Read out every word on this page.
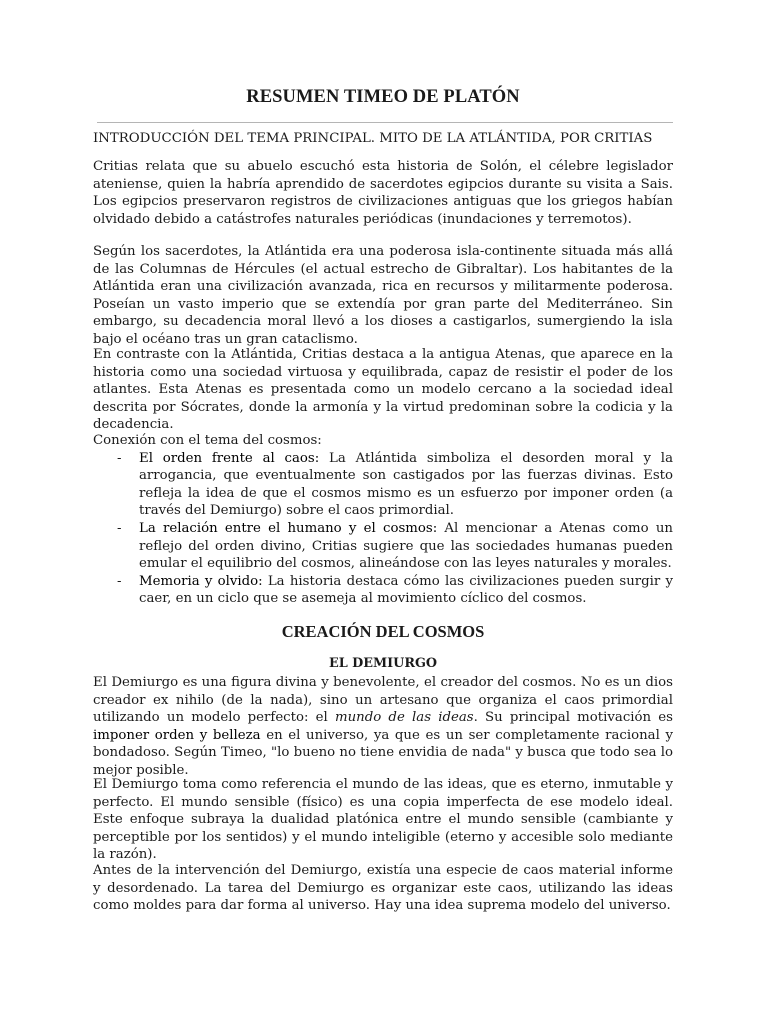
RESUMEN TIMEO DE PLATÓN

INTRODUCCIÓN DEL TEMA PRINCIPAL. MITO DE LA ATLÁNTIDA, POR CRITIAS

Critias relata que su abuelo escuchó esta historia de Solón, el célebre legislador ateniense, quien la habría aprendido de sacerdotes egipcios durante su visita a Sais. Los egipcios preservaron registros de civilizaciones antiguas que los griegos habían olvidado debido a catástrofes naturales periódicas (inundaciones y terremotos).

Según los sacerdotes, la Atlántida era una poderosa isla-continente situada más allá de las Columnas de Hércules (el actual estrecho de Gibraltar). Los habitantes de la Atlántida eran una civilización avanzada, rica en recursos y militarmente poderosa. Poseían un vasto imperio que se extendía por gran parte del Mediterráneo. Sin embargo, su decadencia moral llevó a los dioses a castigarlos, sumergiendo la isla bajo el océano tras un gran cataclismo.

En contraste con la Atlántida, Critias destaca a la antigua Atenas, que aparece en la historia como una sociedad virtuosa y equilibrada, capaz de resistir el poder de los atlantes. Esta Atenas es presentada como un modelo cercano a la sociedad ideal descrita por Sócrates, donde la armonía y la virtud predominan sobre la codicia y la decadencia.

Conexión con el tema del cosmos:
- El orden frente al caos: La Atlántida simboliza el desorden moral y la arrogancia, que eventualmente son castigados por las fuerzas divinas. Esto refleja la idea de que el cosmos mismo es un esfuerzo por imponer orden (a través del Demiurgo) sobre el caos primordial.
- La relación entre el humano y el cosmos: Al mencionar a Atenas como un reflejo del orden divino, Critias sugiere que las sociedades humanas pueden emular el equilibrio del cosmos, alineándose con las leyes naturales y morales.
- Memoria y olvido: La historia destaca cómo las civilizaciones pueden surgir y caer, en un ciclo que se asemeja al movimiento cíclico del cosmos.
CREACIÓN DEL COSMOS
EL DEMIURGO

El Demiurgo es una figura divina y benevolente, el creador del cosmos. No es un dios creador ex nihilo (de la nada), sino un artesano que organiza el caos primordial utilizando un modelo perfecto: el mundo de las ideas. Su principal motivación es imponer orden y belleza en el universo, ya que es un ser completamente racional y bondadoso. Según Timeo, "lo bueno no tiene envidia de nada" y busca que todo sea lo mejor posible.

El Demiurgo toma como referencia el mundo de las ideas, que es eterno, inmutable y perfecto. El mundo sensible (físico) es una copia imperfecta de ese modelo ideal. Este enfoque subraya la dualidad platónica entre el mundo sensible (cambiante y perceptible por los sentidos) y el mundo inteligible (eterno y accesible solo mediante la razón).

Antes de la intervención del Demiurgo, existía una especie de caos material informe y desordenado. La tarea del Demiurgo es organizar este caos, utilizando las ideas como moldes para dar forma al universo. Hay una idea suprema modelo del universo.
